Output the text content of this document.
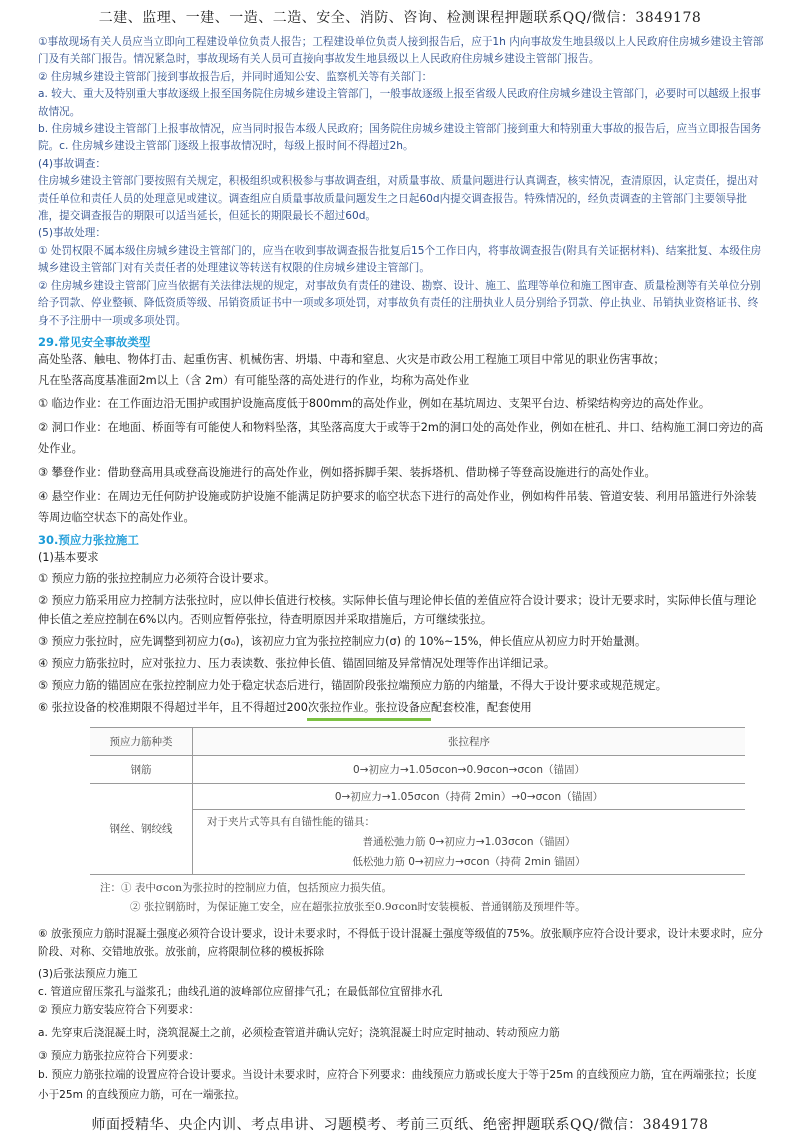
二建、监理、一建、一造、二造、安全、消防、咨询、检测课程押题联系QQ/微信：3849178

①事故现场有关人员应当立即向工程建设单位负责人报告；工程建设单位负责人接到报告后，应于1h 内向事故发生地县级以上人民政府住房城乡建设主管部门及有关部门报告。情况紧急时，事故现场有关人员可直接向事故发生地县级以上人民政府住房城乡建设主管部门报告。

② 住房城乡建设主管部门接到事故报告后，并同时通知公安、监察机关等有关部门：

a. 较大、重大及特别重大事故逐级上报至国务院住房城乡建设主管部门，一般事故逐级上报至省级人民政府住房城乡建设主管部门，必要时可以越级上报事故情况。

b. 住房城乡建设主管部门上报事故情况，应当同时报告本级人民政府；国务院住房城乡建设主管部门接到重大和特别重大事故的报告后，应当立即报告国务院。c. 住房城乡建设主管部门逐级上报事故情况时，每级上报时间不得超过2h。

(4)事故调查：

住房城乡建设主管部门要按照有关规定，积极组织或积极参与事故调查组，对质量事故、质量问题进行认真调查，核实情况，查清原因，认定责任，提出对责任单位和责任人员的处理意见或建议。调查组应自质量事故质量问题发生之日起60d内提交调查报告。特殊情况的，经负责调查的主管部门主要领导批准，提交调查报告的期限可以适当延长，但延长的期限最长不超过60d。

(5)事故处理：

① 处罚权限不属本级住房城乡建设主管部门的，应当在收到事故调查报告批复后15个工作日内，将事故调查报告(附具有关证据材料)、结案批复、本级住房城乡建设主管部门对有关责任者的处理建议等转送有权限的住房城乡建设主管部门。

② 住房城乡建设主管部门应当依据有关法律法规的规定，对事故负有责任的建设、勘察、设计、施工、监理等单位和施工图审查、质量检测等有关单位分别给予罚款、停业整顿、降低资质等级、吊销资质证书中一项或多项处罚，对事故负有责任的注册执业人员分别给予罚款、停止执业、吊销执业资格证书、终身不予注册中一项或多项处罚。

29.常见安全事故类型

高处坠落、触电、物体打击、起重伤害、机械伤害、坍塌、中毒和窒息、火灾是市政公用工程施工项目中常见的职业伤害事故；

凡在坠落高度基准面2m以上（含 2m）有可能坠落的高处进行的作业，均称为高处作业

① 临边作业：在工作面边沿无围护或围护设施高度低于800mm的高处作业，例如在基坑周边、支架平台边、桥梁结构旁边的高处作业。

② 洞口作业：在地面、桥面等有可能使人和物料坠落，其坠落高度大于或等于2m的洞口处的高处作业，例如在桩孔、井口、结构施工洞口旁边的高处作业。

③ 攀登作业：借助登高用具或登高设施进行的高处作业，例如搭拆脚手架、装拆塔机、借助梯子等登高设施进行的高处作业。

④ 悬空作业：在周边无任何防护设施或防护设施不能满足防护要求的临空状态下进行的高处作业，例如构件吊装、管道安装、利用吊篮进行外涂装等周边临空状态下的高处作业。

30.预应力张拉施工

(1)基本要求

① 预应力筋的张拉控制应力必须符合设计要求。

② 预应力筋采用应力控制方法张拉时，应以伸长值进行校核。实际伸长值与理论伸长值的差值应符合设计要求；设计无要求时，实际伸长值与理论伸长值之差应控制在6%以内。否则应暂停张拉，待查明原因并采取措施后，方可继续张拉。

③ 预应力张拉时，应先调整到初应力(σ₀)，该初应力宜为张拉控制应力(σ) 的 10%~15%，伸长值应从初应力时开始量测。

④ 预应力筋张拉时，应对张拉力、压力表读数、张拉伸长值、锚固回缩及异常情况处理等作出详细记录。

⑤ 预应力筋的锚固应在张拉控制应力处于稳定状态后进行，锚固阶段张拉端预应力筋的内缩量，不得大于设计要求或规范规定。

⑥ 张拉设备的校准期限不得超过半年，且不得超过200次张拉作业。张拉设备应配套校准，配套使用

预应力筋种类	张拉程序
钢筋	0→初应力→1.05σcon→0.9σcon→σcon（锚固）
钢丝、钢绞线	0→初应力→1.05σcon（持荷 2min）→0→σcon（锚固）

	对于夹片式等具有自锚性能的锚具：
普通松弛力筋 0→初应力→1.03σcon（锚固）
低松弛力筋 0→初应力→σcon（持荷 2min 锚固）
注：① 表中σcon为张拉时的控制应力值，包括预应力损失值。
② 张拉钢筋时，为保证施工安全，应在超张拉放张至0.9σcon时安装模板、普通钢筋及预埋件等。

⑥ 放张预应力筋时混凝土强度必须符合设计要求，设计未要求时，不得低于设计混凝土强度等级值的75%。放张顺序应符合设计要求，设计未要求时，应分阶段、对称、交错地放张。放张前，应将限制位移的模板拆除

(3)后张法预应力施工

c. 管道应留压浆孔与溢浆孔；曲线孔道的波峰部位应留排气孔；在最低部位宜留排水孔

② 预应力筋安装应符合下列要求：

a. 先穿束后浇混凝土时，浇筑混凝土之前，必须检查管道并确认完好；浇筑混凝土时应定时抽动、转动预应力筋

③ 预应力筋张拉应符合下列要求：

b. 预应力筋张拉端的设置应符合设计要求。当设计未要求时，应符合下列要求：曲线预应力筋或长度大于等于25m 的直线预应力筋，宜在两端张拉；长度小于25m 的直线预应力筋，可在一端张拉。

师面授精华、央企内训、考点串讲、习题模考、考前三页纸、绝密押题联系QQ/微信：3849178
